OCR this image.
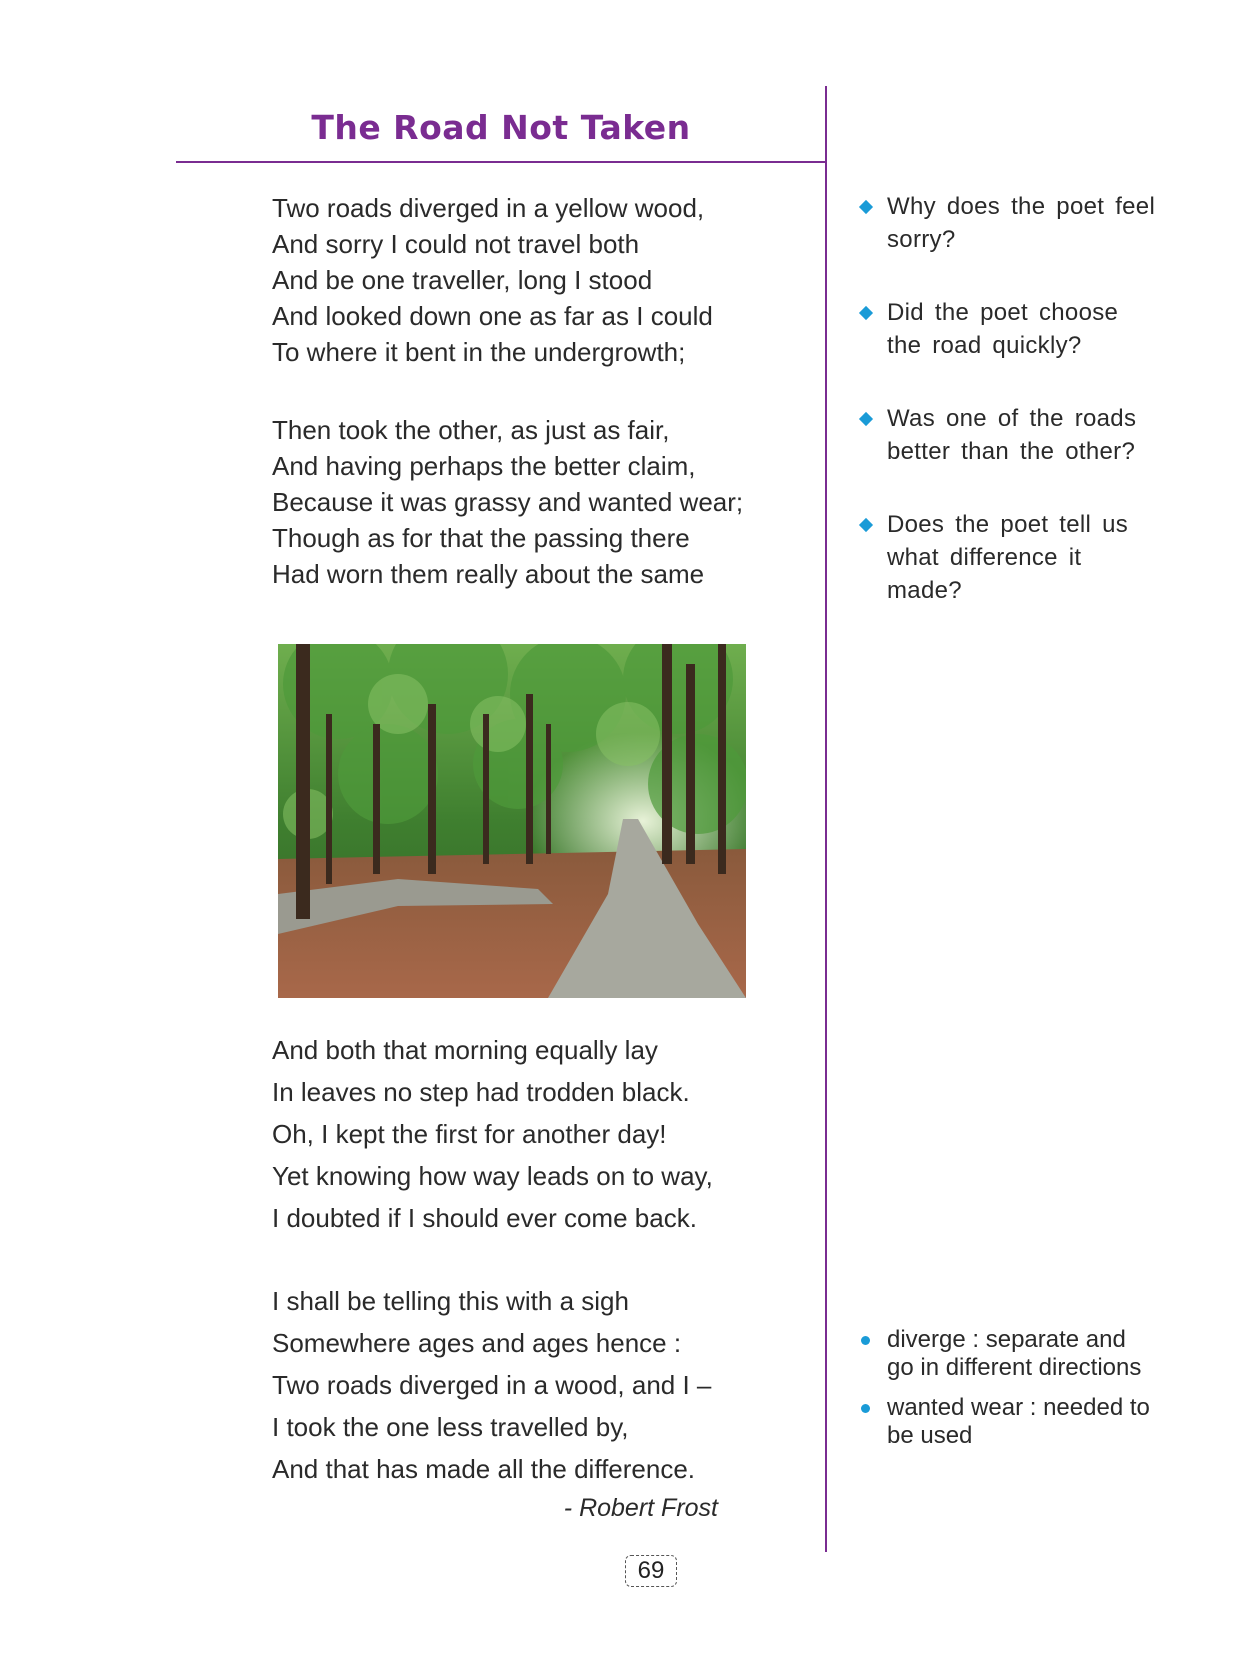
The Road Not Taken
Two roads diverged in a yellow wood,
And sorry I could not travel both
And be one traveller, long I stood
And looked down one as far as I could
To where it bent in the undergrowth;
Then took the other, as just as fair,
And having perhaps the better claim,
Because it was grassy and wanted wear;
Though as for that the passing there
Had worn them really about the same
And both that morning equally lay
In leaves no step had trodden black.
Oh, I kept the first for another day!
Yet knowing how way leads on to way,
I doubted if I should ever come back.
I shall be telling this with a sigh
Somewhere ages and ages hence :
Two roads diverged in a wood, and I –
I took the one less travelled by,
And that has made all the difference.
- Robert Frost
Why does the poet feel sorry?
Did the poet choose the road quickly?
Was one of the roads better than the other?
Does the poet tell us what difference it made?
diverge : separate and go in different directions
wanted wear : needed to be used
69
